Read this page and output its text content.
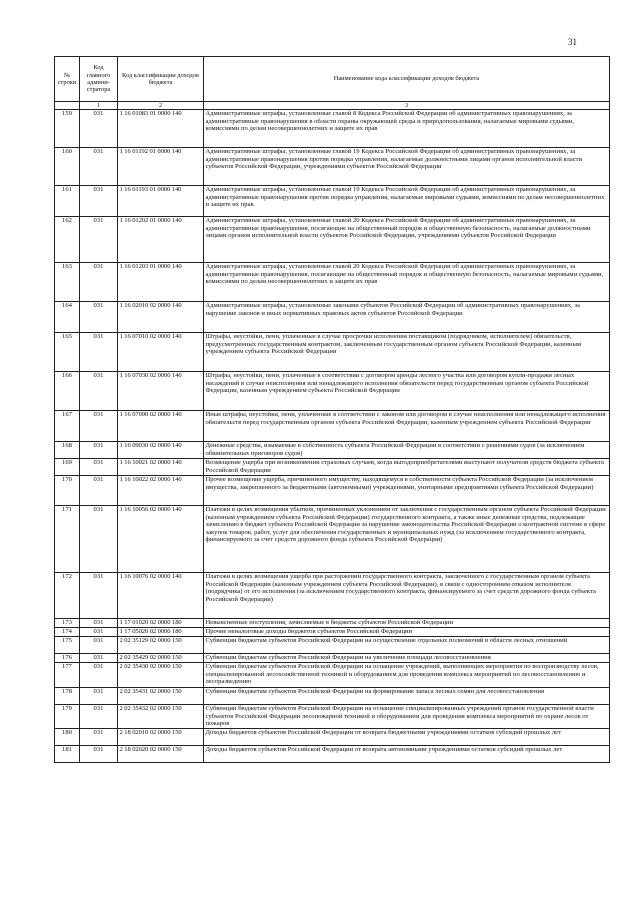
31
№ строки	Код главного админи-стратора	Код классификации доходов бюджета	Наименование кода классификации доходов бюджета
	1	2	3
159	031	1 16 01083 01 0000 140	Административные штрафы, установленные главой 8 Кодекса Российской Федерации об административных правонарушениях, за административные правонарушения в области охраны окружающей среды и природопользования, налагаемые мировыми судьями, комиссиями по делам несовершеннолетних и защите их прав
160	031	1 16 01192 01 0000 140	Административные штрафы, установленные главой 19 Кодекса Российской Федерации об административных правонарушениях, за административные правонарушения против порядка управления, налагаемые должностными лицами органов исполнительной власти субъектов Российской Федерации, учреждениями субъектов Российской Федерации
161	031	1 16 01193 01 0000 140	Административные штрафы, установленные главой 19 Кодекса Российской Федерации об административных правонарушениях, за административные правонарушения против порядка управления, налагаемые мировыми судьями, комиссиями по делам несовершеннолетних и защите их прав
162	031	1 16 01202 01 0000 140	Административные штрафы, установленные главой 20 Кодекса Российской Федерации об административных правонарушениях, за административные правонарушения, посягающие на общественный порядок и общественную безопасность, налагаемые должностными лицами органов исполнительной власти субъектов Российской Федерации, учреждениями субъектов Российской Федерации
163	031	1 16 01203 01 0000 140	Административные штрафы, установленные главой 20 Кодекса Российской Федерации об административных правонарушениях, за административные правонарушения, посягающие на общественный порядок и общественную безопасность, налагаемые мировыми судьями, комиссиями по делам несовершеннолетних и защите их прав
164	031	1 16 02010 02 0000 140	Административные штрафы, установленные законами субъектов Российской Федерации об административных правонарушениях, за нарушение законов и иных нормативных правовых актов субъектов Российской Федерации
165	031	1 16 07010 02 0000 140	Штрафы, неустойки, пени, уплаченные в случае просрочки исполнения поставщиком (подрядчиком, исполнителем) обязательств, предусмотренных государственным контрактом, заключенным государственным органом субъекта Российской Федерации, казенным учреждением субъекта Российской Федерации
166	031	1 16 07030 02 0000 140	Штрафы, неустойки, пени, уплаченные в соответствии с договором аренды лесного участка или договором купли-продажи лесных насаждений в случае неисполнения или ненадлежащего исполнения обязательств перед государственным органом субъекта Российской Федерации, казенным учреждением субъекта Российской Федерации
167	031	1 16 07090 02 0000 140	Иные штрафы, неустойки, пени, уплаченные в соответствии с законом или договором в случае неисполнения или ненадлежащего исполнения обязательств перед государственным органом субъекта Российской Федерации, казенным учреждением субъекта Российской Федерации
168	031	1 16 09030 02 0000 140	Денежные средства, изымаемые в собственность субъекта Российской Федерации в соответствии с решениями судов (за исключением обвинительных приговоров судов)
169	031	1 16 10021 02 0000 140	Возмещение ущерба при возникновении страховых случаев, когда выгодоприобретателями выступают получатели средств бюджета субъекта Российской Федерации
170	031	1 16 10022 02 0000 140	Прочее возмещение ущерба, причиненного имуществу, находящемуся в собственности субъекта Российской Федерации (за исключением имущества, закрепленного за бюджетными (автономными) учреждениями, унитарными предприятиями субъекта Российской Федерации)
171	031	1 16 10056 02 0000 140	Платежи в целях возмещения убытков, причиненных уклонением от заключения с государственным органом субъекта Российской Федерации (казенным учреждением субъекта Российской Федерации) государственного контракта, а также иные денежные средства, подлежащие зачислению в бюджет субъекта Российской Федерации за нарушение законодательства Российской Федерации о контрактной системе в сфере закупок товаров, работ, услуг для обеспечения государственных и муниципальных нужд (за исключением государственного контракта, финансируемого за счет средств дорожного фонда субъекта Российской Федерации)
172	031	1 16 10076 02 0000 140	Платежи в целях возмещения ущерба при расторжении государственного контракта, заключенного с государственным органом субъекта Российской Федерации (казенным учреждением субъекта Российской Федерации), в связи с односторонним отказом исполнителя (подрядчика) от его исполнения (за исключением государственного контракта, финансируемого за счет средств дорожного фонда субъекта Российской Федерации)
173	031	1 17 01020 02 0000 180	Невыясненные поступления, зачисляемые в бюджеты субъектов Российской Федерации
174	031	1 17 05020 02 0000 180	Прочие неналоговые доходы бюджетов субъектов Российской Федерации
175	031	2 02 35129 02 0000 150	Субвенции бюджетам субъектов Российской Федерации на осуществление отдельных полномочий в области лесных отношений
176	031	2 02 35429 02 0000 150	Субвенции бюджетам субъектов Российской Федерации на увеличение площади лесовосстановления
177	031	2 02 35430 02 0000 150	Субвенции бюджетам субъектов Российской Федерации на оснащение учреждений, выполняющих мероприятия по воспроизводству лесов, специализированной лесохозяйственной техникой и оборудованием для проведения комплекса мероприятий по лесовосстановлению и лесоразведению
178	031	2 02 35431 02 0000 150	Субвенции бюджетам субъектов Российской Федерации на формирование запаса лесных семян для лесовосстановления
179	031	2 02 35432 02 0000 150	Субвенции бюджетам субъектов Российской Федерации на оснащение специализированных учреждений органов государственной власти субъектов Российской Федерации лесопожарной техникой и оборудованием для проведения комплекса мероприятий по охране лесов от пожаров
180	031	2 18 02010 02 0000 150	Доходы бюджетов субъектов Российской Федерации от возврата бюджетными учреждениями остатков субсидий прошлых лет
181	031	2 18 02020 02 0000 150	Доходы бюджетов субъектов Российской Федерации от возврата автономными учреждениями остатков субсидий прошлых лет
